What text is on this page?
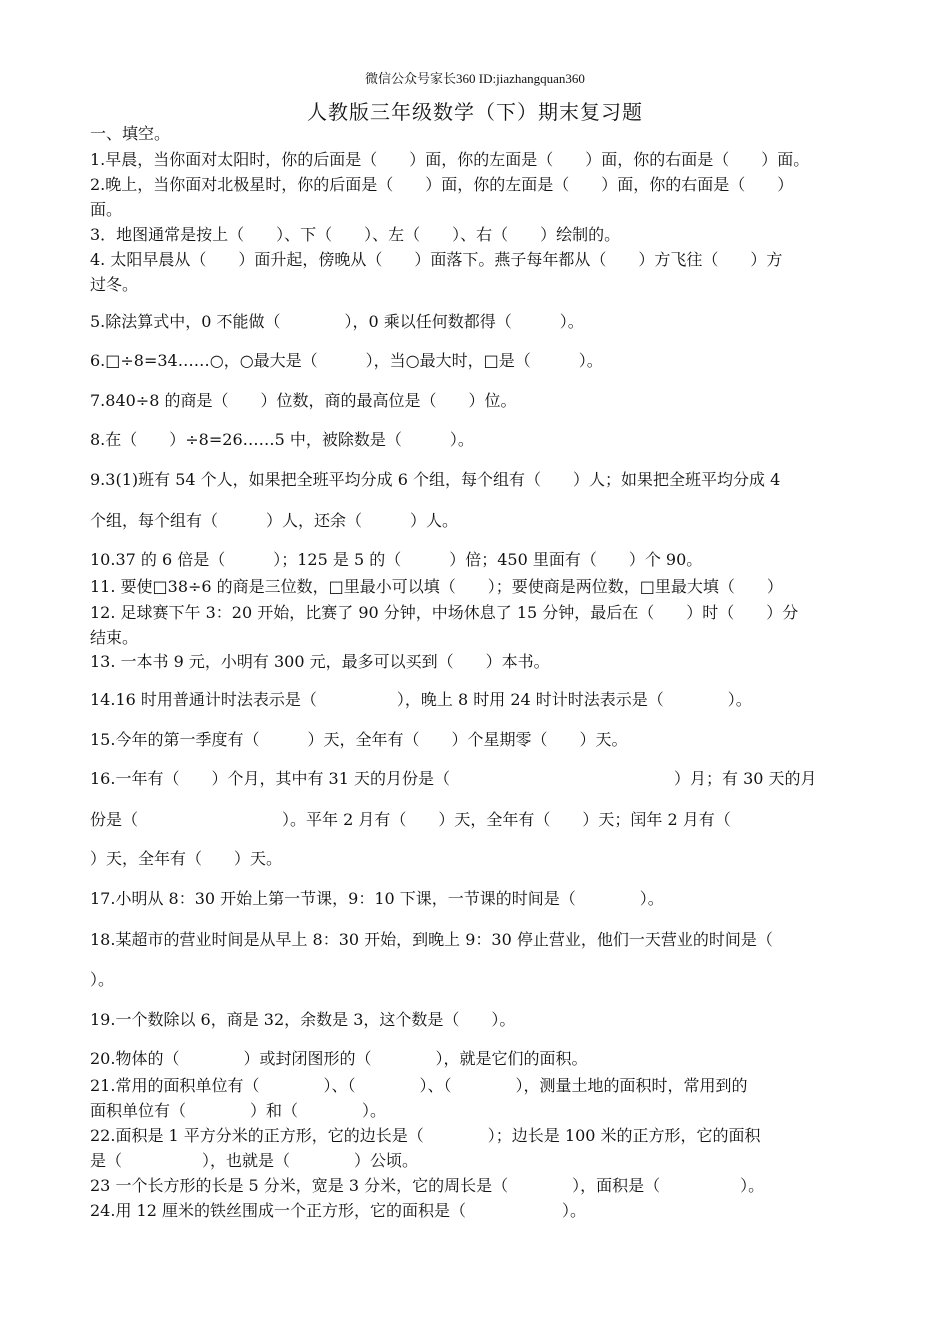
微信公众号家长360 ID:jiazhangquan360
人教版三年级数学（下）期末复习题
一、填空。
1.早晨，当你面对太阳时，你的后面是（　　）面，你的左面是（　　）面，你的右面是（　　）面。
2.晚上，当你面对北极星时，你的后面是（　　）面，你的左面是（　　）面，你的右面是（　　）
面。
3．地图通常是按上（　　）、下（　　）、左（　　）、右（　　）绘制的。
4. 太阳早晨从（　　）面升起，傍晚从（　　）面落下。燕子每年都从（　　）方飞往（　　）方
过冬。
5.除法算式中，0 不能做（　　　　），0 乘以任何数都得（　　　）。
6.□÷8=34……○，○最大是（　　　），当○最大时，□是（　　　）。
7.840÷8 的商是（　　）位数，商的最高位是（　　）位。
8.在（　　）÷8=26……5 中，被除数是（　　　）。
9.3(1)班有 54 个人，如果把全班平均分成 6 个组，每个组有（　　）人；如果把全班平均分成 4
个组，每个组有（　　　）人，还余（　　　）人。
10.37 的 6 倍是（　　　）；125 是 5 的（　　　）倍；450 里面有（　　）个 90。
11. 要使□38÷6 的商是三位数，□里最小可以填（　　）；要使商是两位数，□里最大填（　　）
12. 足球赛下午 3：20 开始，比赛了 90 分钟，中场休息了 15 分钟，最后在（　　）时（　　）分
结束。
13. 一本书 9 元，小明有 300 元，最多可以买到（　　）本书。
14.16 时用普通计时法表示是（　　　　　），晚上 8 时用 24 时计时法表示是（　　　　）。
15.今年的第一季度有（　　　）天，全年有（　　）个星期零（　　）天。
16.一年有（　　）个月，其中有 31 天的月份是（　　　　　　　　　　　　　　）月；有 30 天的月
份是（　　　　　　　　　）。平年 2 月有（　　）天，全年有（　　）天；闰年 2 月有（
）天，全年有（　　）天。
17.小明从 8：30 开始上第一节课，9：10 下课，一节课的时间是（　　　　）。
18.某超市的营业时间是从早上 8：30 开始，到晚上 9：30 停止营业，他们一天营业的时间是（
）。
19.一个数除以 6，商是 32，余数是 3，这个数是（　　）。
20.物体的（　　　　）或封闭图形的（　　　　），就是它们的面积。
21.常用的面积单位有（　　　　）、（　　　　）、（　　　　），测量土地的面积时，常用到的
面积单位有（　　　　）和（　　　　）。
22.面积是 1 平方分米的正方形，它的边长是（　　　　）；边长是 100 米的正方形，它的面积
是（　　　　　），也就是（　　　　）公顷。
23 一个长方形的长是 5 分米，宽是 3 分米，它的周长是（　　　　），面积是（　　　　　）。
24.用 12 厘米的铁丝围成一个正方形，它的面积是（　　　　　　）。
